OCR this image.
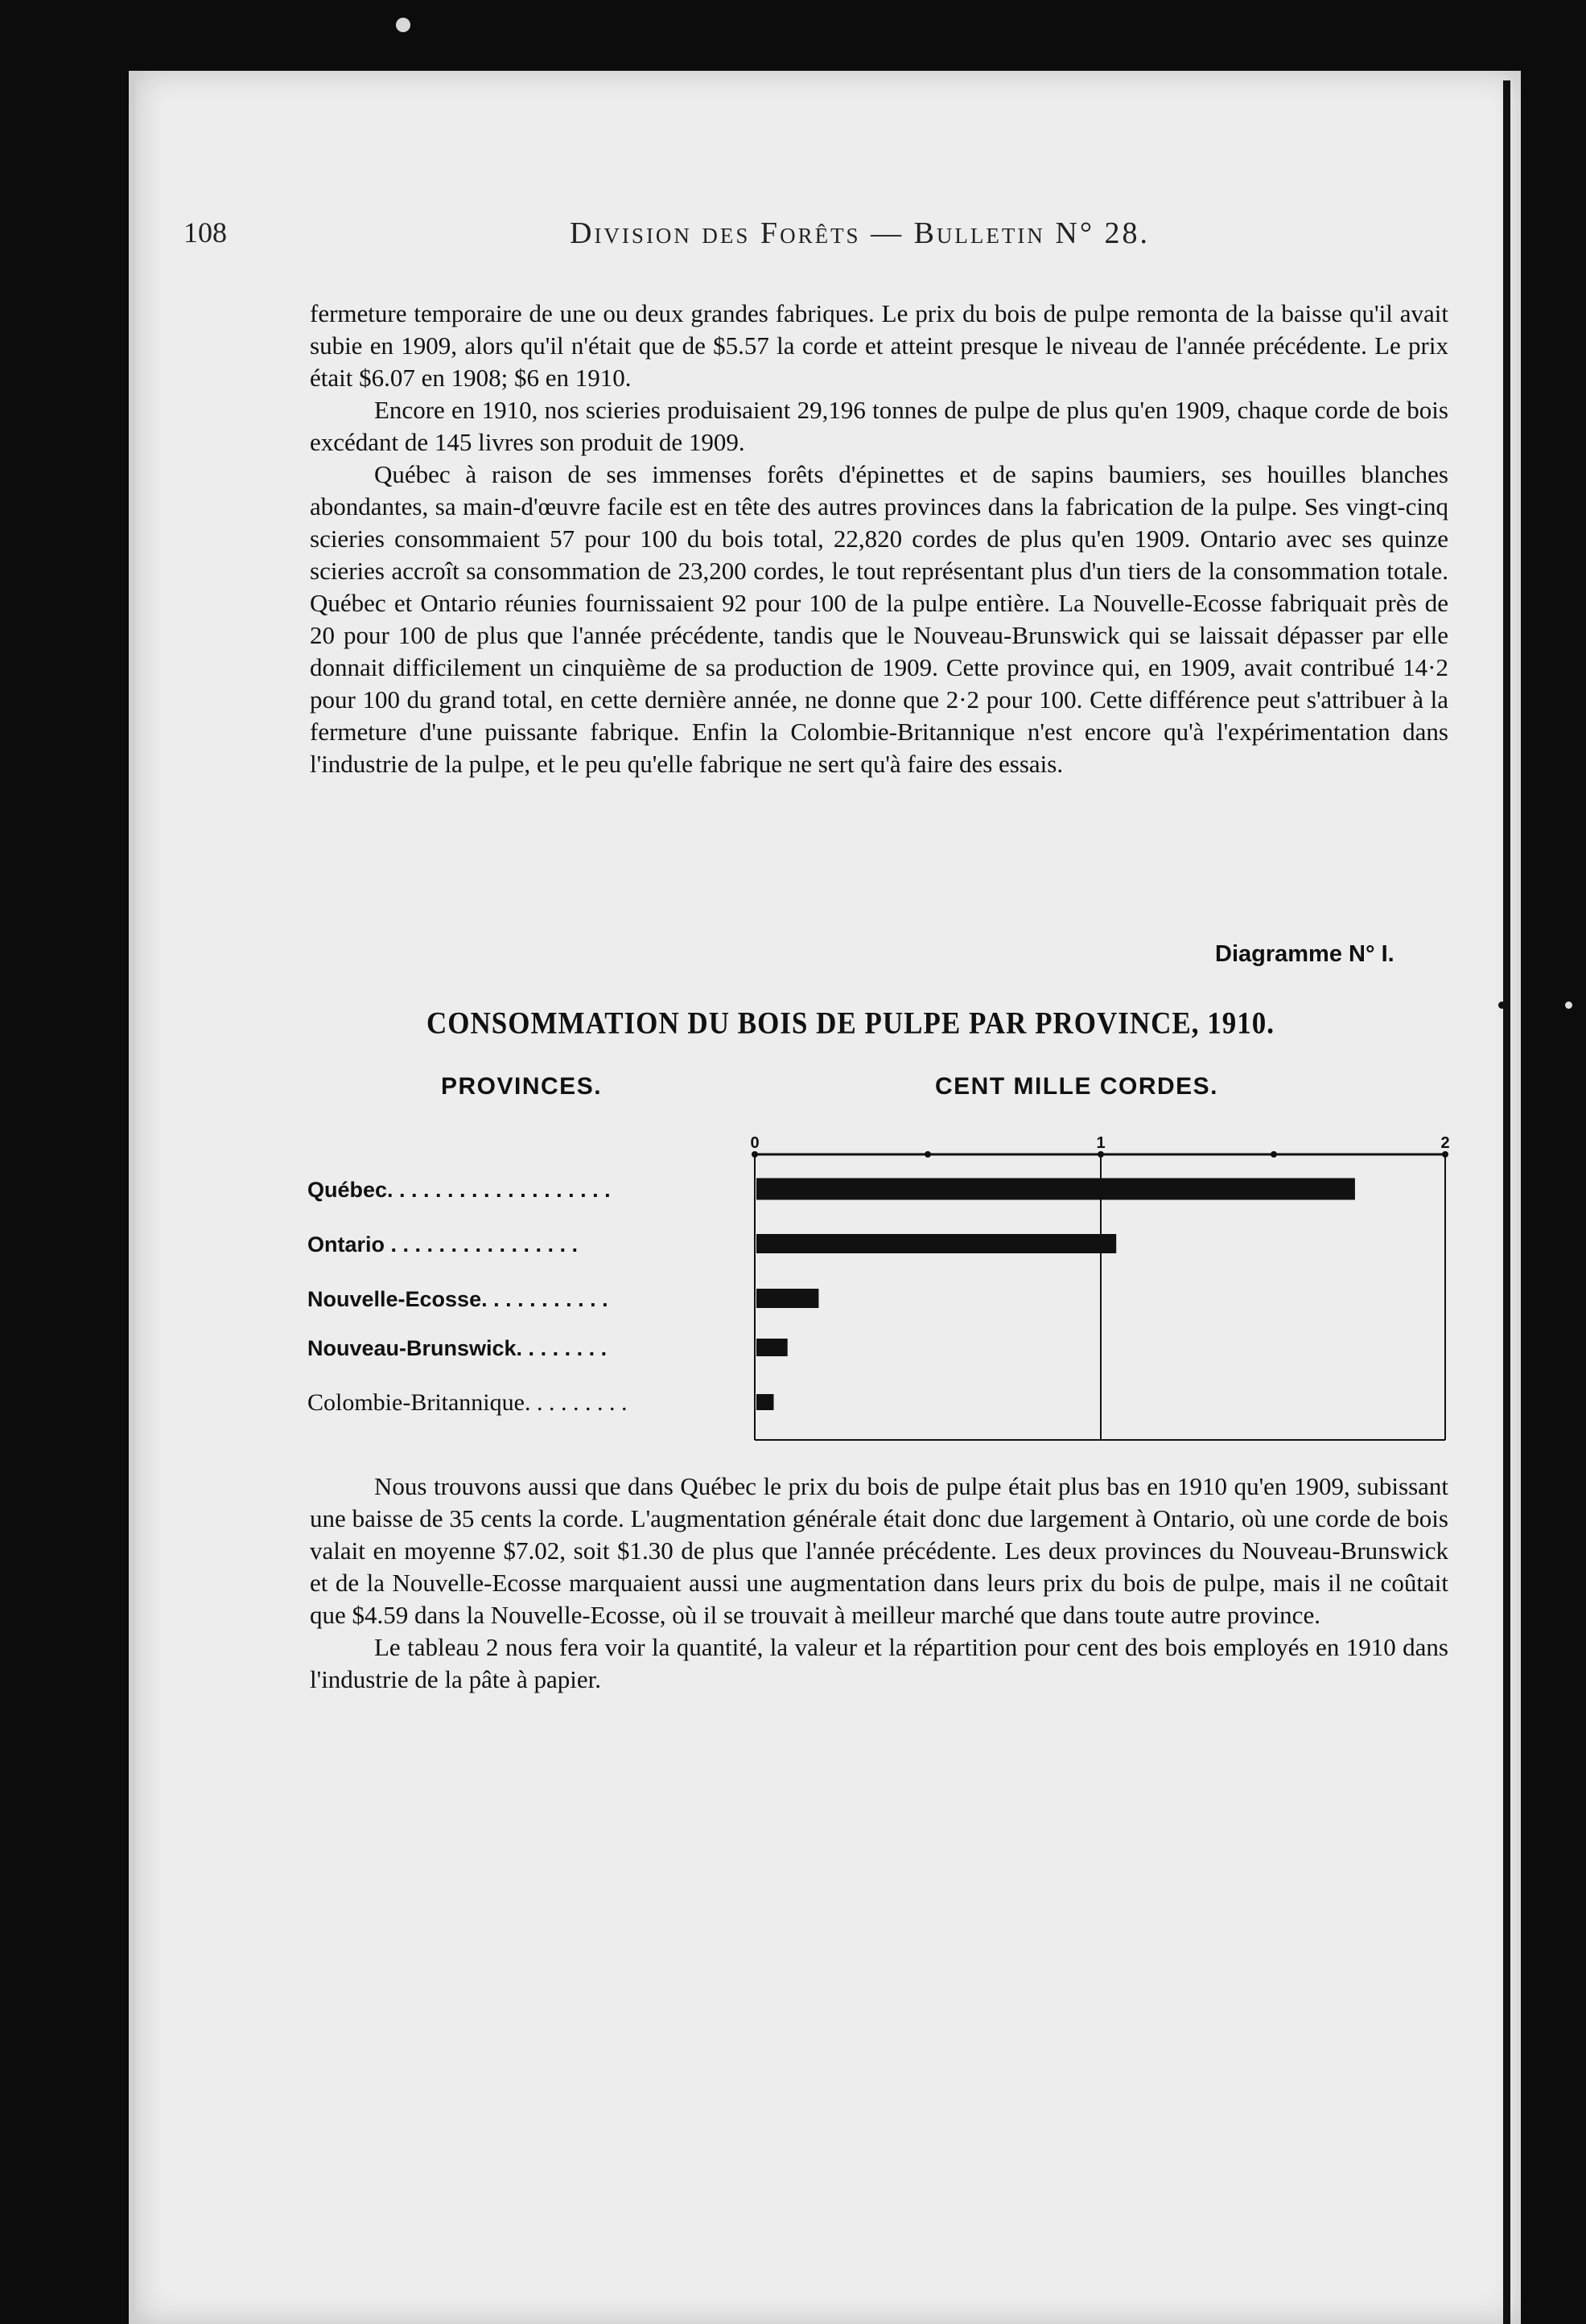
108	Division des Forêts — Bulletin N° 28.

fermeture temporaire de une ou deux grandes fabriques. Le prix du bois de pulpe remonta de la baisse qu'il avait subie en 1909, alors qu'il n'était que de $5.57 la corde et atteint presque le niveau de l'année précédente. Le prix était $6.07 en 1908; $6 en 1910.

Encore en 1910, nos scieries produisaient 29,196 tonnes de pulpe de plus qu'en 1909, chaque corde de bois excédant de 145 livres son produit de 1909.

Québec à raison de ses immenses forêts d'épinettes et de sapins baumiers, ses houilles blanches abondantes, sa main-d'œuvre facile est en tête des autres provinces dans la fabrication de la pulpe. Ses vingt-cinq scieries consommaient 57 pour 100 du bois total, 22,820 cordes de plus qu'en 1909. Ontario avec ses quinze scieries accroît sa consommation de 23,200 cordes, le tout représentant plus d'un tiers de la consommation totale. Québec et Ontario réunies fournissaient 92 pour 100 de la pulpe entière. La Nouvelle-Ecosse fabriquait près de 20 pour 100 de plus que l'année précédente, tandis que le Nouveau-Brunswick qui se laissait dépasser par elle donnait difficilement un cinquième de sa production de 1909. Cette province qui, en 1909, avait contribué 14·2 pour 100 du grand total, en cette dernière année, ne donne que 2·2 pour 100. Cette différence peut s'attribuer à la fermeture d'une puissante fabrique. Enfin la Colombie-Britannique n'est encore qu'à l'expérimentation dans l'industrie de la pulpe, et le peu qu'elle fabrique ne sert qu'à faire des essais.

Diagramme N° I.
CONSOMMATION DU BOIS DE PULPE PAR PROVINCE, 1910.
PROVINCES.	CENT MILLE CORDES.
0	1	2
Québec. . . . . . . . . . . . . . . . . . .
Ontario . . . . . . . . . . . . . . . .
Nouvelle-Ecosse. . . . . . . . . . .
Nouveau-Brunswick. . . . . . . .
Colombie-Britannique. . . . . . . . .

Nous trouvons aussi que dans Québec le prix du bois de pulpe était plus bas en 1910 qu'en 1909, subissant une baisse de 35 cents la corde. L'augmentation générale était donc due largement à Ontario, où une corde de bois valait en moyenne $7.02, soit $1.30 de plus que l'année précédente. Les deux provinces du Nouveau-Brunswick et de la Nouvelle-Ecosse marquaient aussi une augmentation dans leurs prix du bois de pulpe, mais il ne coûtait que $4.59 dans la Nouvelle-Ecosse, où il se trouvait à meilleur marché que dans toute autre province.

Le tableau 2 nous fera voir la quantité, la valeur et la répartition pour cent des bois employés en 1910 dans l'industrie de la pâte à papier.
